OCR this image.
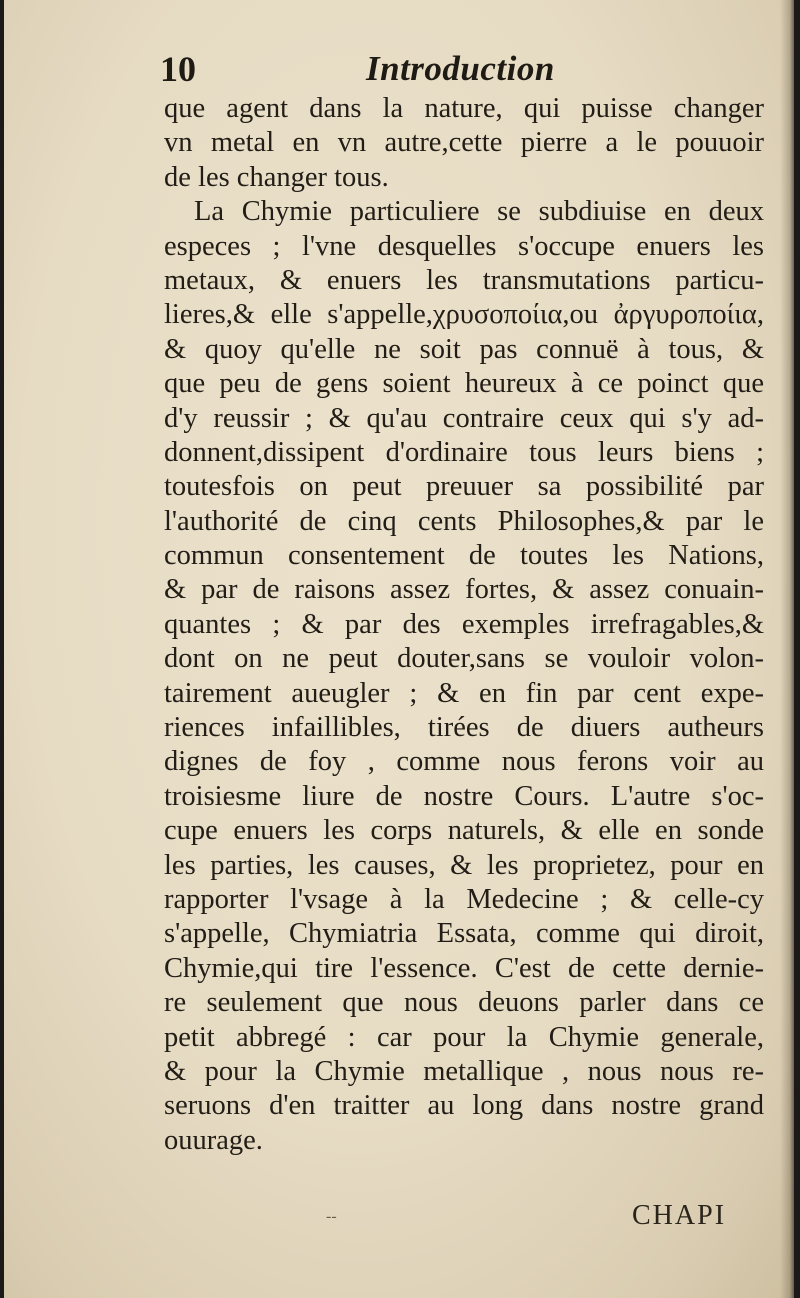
10	Introduction
que agent dans la nature, qui puisse changer
vn metal en vn autre,cette pierre a le pouuoir
de les changer tous.
La Chymie particuliere se subdiuise en deux
especes ; l'vne desquelles s'occupe enuers les
metaux, & enuers les transmutations particu-
lieres,& elle s'appelle,χρυσοποίια,ou ἀργυροποίια,
& quoy qu'elle ne soit pas connuë à tous, &
que peu de gens soient heureux à ce poinct que
d'y reussir ; & qu'au contraire ceux qui s'y ad-
donnent,dissipent d'ordinaire tous leurs biens ;
toutesfois on peut preuuer sa possibilité par
l'authorité de cinq cents Philosophes,& par le
commun consentement de toutes les Nations,
& par de raisons assez fortes, & assez conuain-
quantes ; & par des exemples irrefragables,&
dont on ne peut douter,sans se vouloir volon-
tairement aueugler ; & en fin par cent expe-
riences infaillibles, tirées de diuers autheurs
dignes de foy , comme nous ferons voir au
troisiesme liure de nostre Cours. L'autre s'oc-
cupe enuers les corps naturels, & elle en sonde
les parties, les causes, & les proprietez, pour en
rapporter l'vsage à la Medecine ; & celle-cy
s'appelle, Chymiatria Essata, comme qui diroit,
Chymie,qui tire l'essence. C'est de cette dernie-
re seulement que nous deuons parler dans ce
petit abbregé : car pour la Chymie generale,
& pour la Chymie metallique , nous nous re-
seruons d'en traitter au long dans nostre grand
ouurage.
--	CHAPI
